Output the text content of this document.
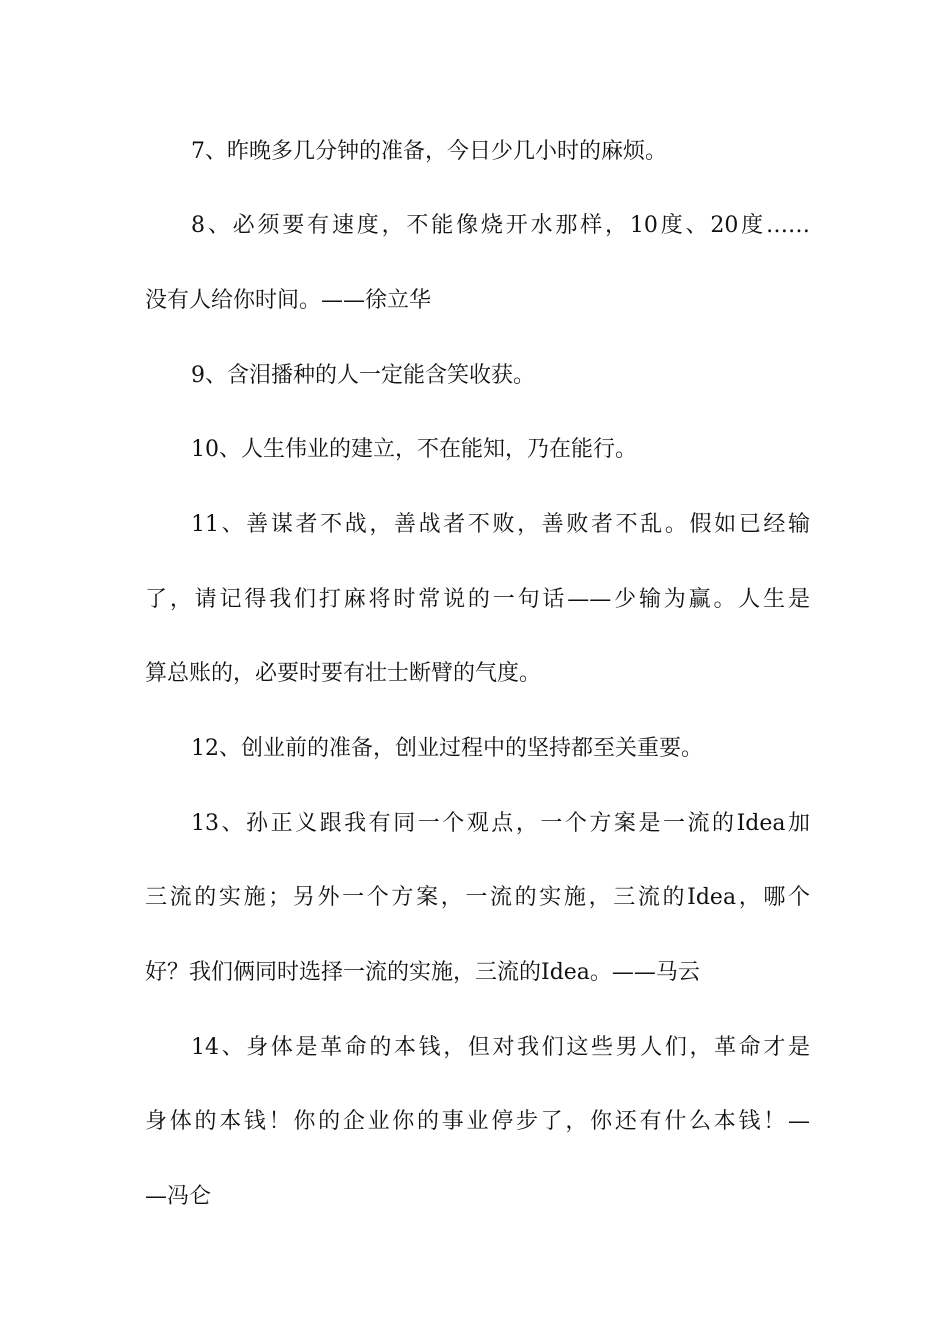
7、昨晚多几分钟的准备，今日少几小时的麻烦。
8、必须要有速度，不能像烧开水那样，10度、20度……
没有人给你时间。——徐立华
9、含泪播种的人一定能含笑收获。
10、人生伟业的建立，不在能知，乃在能行。
11、善谋者不战，善战者不败，善败者不乱。假如已经输
了，请记得我们打麻将时常说的一句话——少输为赢。人生是
算总账的，必要时要有壮士断臂的气度。
12、创业前的准备，创业过程中的坚持都至关重要。
13、孙正义跟我有同一个观点，一个方案是一流的Idea加
三流的实施；另外一个方案，一流的实施，三流的Idea，哪个
好？我们俩同时选择一流的实施，三流的Idea。——马云
14、身体是革命的本钱，但对我们这些男人们，革命才是
身体的本钱！你的企业你的事业停步了，你还有什么本钱！—
—冯仑
